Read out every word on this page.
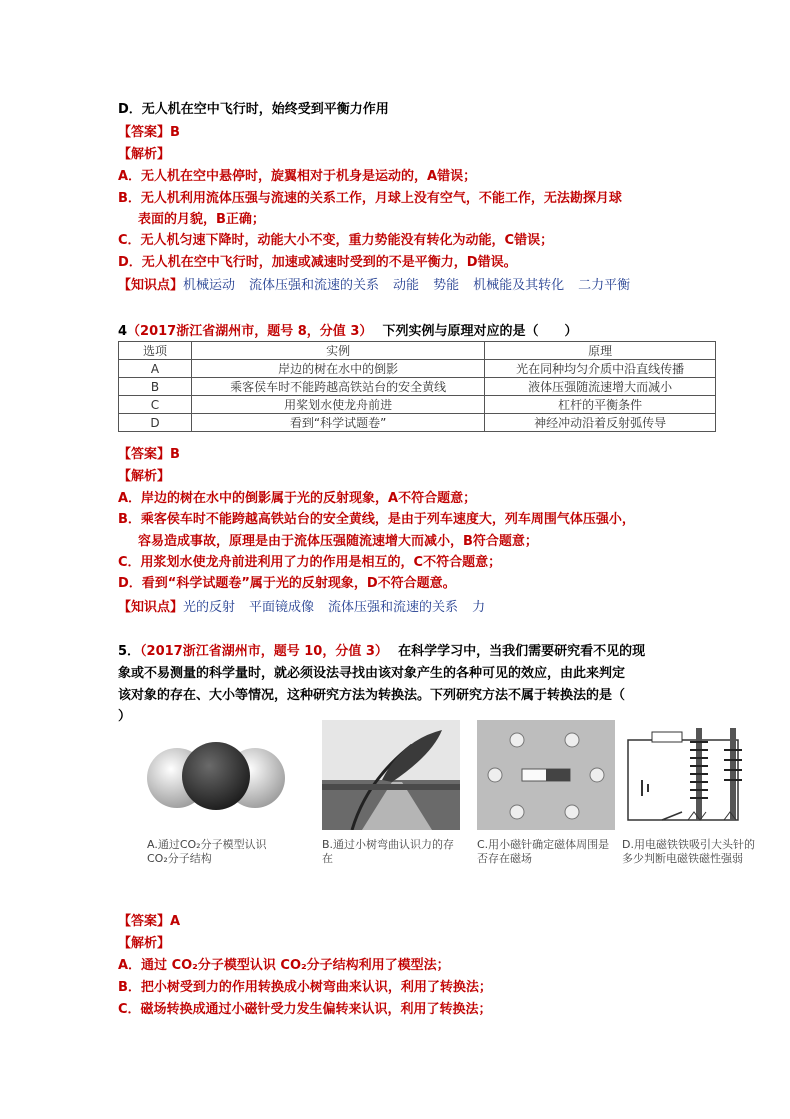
D．无人机在空中飞行时，始终受到平衡力作用
【答案】B
【解析】
A．无人机在空中悬停时，旋翼相对于机身是运动的，A错误；
B．无人机利用流体压强与流速的关系工作，月球上没有空气，不能工作，无法勘探月球
表面的月貌，B正确；
C．无人机匀速下降时，动能大小不变，重力势能没有转化为动能，C错误；
D．无人机在空中飞行时，加速或减速时受到的不是平衡力，D错误。
【知识点】机械运动 流体压强和流速的关系 动能 势能 机械能及其转化 二力平衡
4（2017浙江省湖州市，题号 8，分值 3） 下列实例与原理对应的是（　　）
选项	实例	原理
A	岸边的树在水中的倒影	光在同种均匀介质中沿直线传播
B	乘客侯车时不能跨越高铁站台的安全黄线	液体压强随流速增大而减小
C	用桨划水使龙舟前进	杠杆的平衡条件
D	看到“科学试题卷”	神经冲动沿着反射弧传导
【答案】B
【解析】
A．岸边的树在水中的倒影属于光的反射现象，A不符合题意；
B．乘客侯车时不能跨越高铁站台的安全黄线，是由于列车速度大，列车周围气体压强小，
容易造成事故，原理是由于流体压强随流速增大而减小，B符合题意；
C．用浆划水使龙舟前进利用了力的作用是相互的，C不符合题意；
D．看到“科学试题卷”属于光的反射现象，D不符合题意。
【知识点】光的反射 平面镜成像 流体压强和流速的关系 力
5．（2017浙江省湖州市，题号 10，分值 3） 在科学学习中，当我们需要研究看不见的现
象或不易测量的科学量时，就必须设法寻找由该对象产生的各种可见的效应，由此来判定
该对象的存在、大小等情况，这种研究方法为转换法。下列研究方法不属于转换法的是（
）
A.通过CO₂分子模型认识CO₂分子结构
B.通过小树弯曲认识力的存在
C.用小磁针确定磁体周围是否存在磁场
D.用电磁铁铁吸引大头针的多少判断电磁铁磁性强弱
【答案】A
【解析】
A．通过 CO₂分子模型认识 CO₂分子结构利用了模型法；
B．把小树受到力的作用转换成小树弯曲来认识，利用了转换法；
C．磁场转换成通过小磁针受力发生偏转来认识，利用了转换法；
